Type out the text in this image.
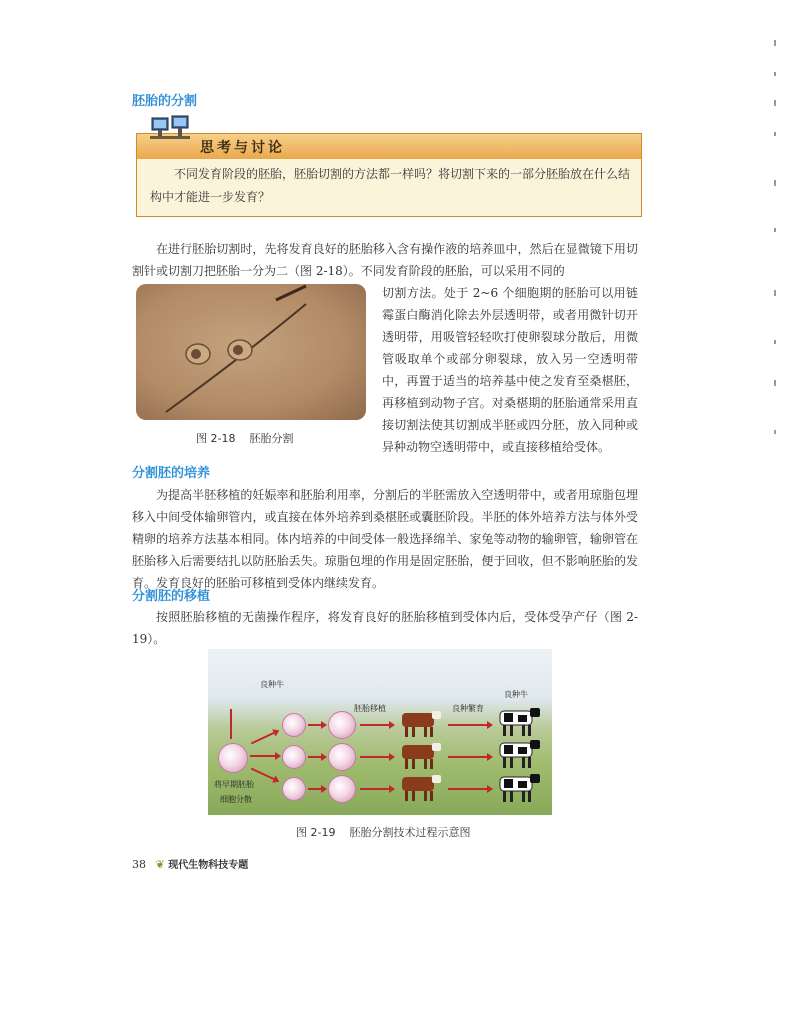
胚胎的分割
思考与讨论
不同发育阶段的胚胎，胚胎切割的方法都一样吗？将切割下来的一部分胚胎放在什么结构中才能进一步发育？
在进行胚胎切割时，先将发育良好的胚胎移入含有操作液的培养皿中，然后在显微镜下用切割针或切割刀把胚胎一分为二（图 2-18）。不同发育阶段的胚胎，可以采用不同的
图 2-18 胚胎分割
切割方法。处于 2~6 个细胞期的胚胎可以用链霉蛋白酶消化除去外层透明带，或者用微针切开透明带，用吸管轻轻吹打使卵裂球分散后，用微管吸取单个或部分卵裂球，放入另一空透明带中，再置于适当的培养基中使之发育至桑椹胚，再移植到动物子宫。对桑椹期的胚胎通常采用直接切割法使其切割成半胚或四分胚，放入同种或异种动物空透明带中，或直接移植给受体。
分割胚的培养
为提高半胚移植的妊娠率和胚胎利用率，分割后的半胚需放入空透明带中，或者用琼脂包埋移入中间受体输卵管内，或直接在体外培养到桑椹胚或囊胚阶段。半胚的体外培养方法与体外受精卵的培养方法基本相同。体内培养的中间受体一般选择绵羊、家兔等动物的输卵管，输卵管在胚胎移入后需要结扎以防胚胎丢失。琼脂包埋的作用是固定胚胎，便于回收，但不影响胚胎的发育。发育良好的胚胎可移植到受体内继续发育。
分割胚的移植
按照胚胎移植的无菌操作程序，将发育良好的胚胎移植到受体内后，受体受孕产仔（图 2-19）。
良种牛
胚胎移植	良种繁育
良种牛
将早期胚胎
细胞分散
图 2-19 胚胎分割技术过程示意图
38 ❦ 现代生物科技专题
